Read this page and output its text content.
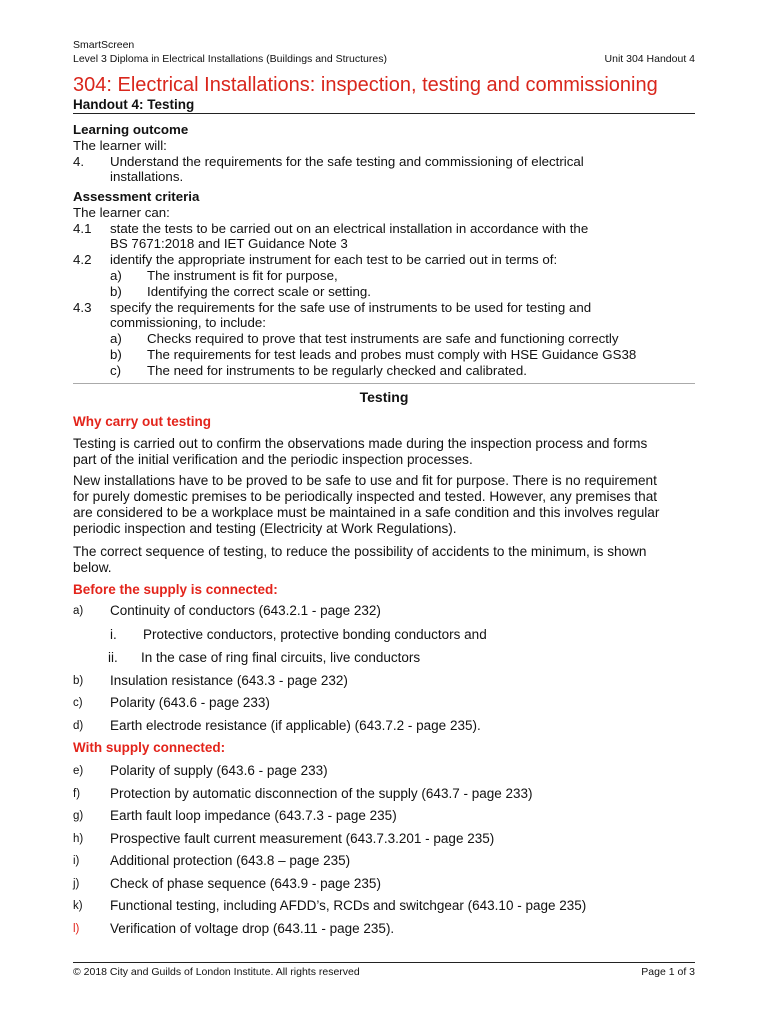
SmartScreen
Level 3 Diploma in Electrical Installations (Buildings and Structures)	Unit 304 Handout 4
304: Electrical Installations: inspection, testing and commissioning
Handout 4: Testing
Learning outcome
The learner will:
4.	Understand the requirements for the safe testing and commissioning of electrical
installations.
Assessment criteria
The learner can:
4.1	state the tests to be carried out on an electrical installation in accordance with the
BS 7671:2018 and IET Guidance Note 3
4.2	identify the appropriate instrument for each test to be carried out in terms of:
a)	The instrument is fit for purpose,
b)	Identifying the correct scale or setting.
4.3	specify the requirements for the safe use of instruments to be used for testing and
commissioning, to include:
a)	Checks required to prove that test instruments are safe and functioning correctly
b)	The requirements for test leads and probes must comply with HSE Guidance GS38
c)	The need for instruments to be regularly checked and calibrated.
Testing
Why carry out testing
Testing is carried out to confirm the observations made during the inspection process and forms
part of the initial verification and the periodic inspection processes.
New installations have to be proved to be safe to use and fit for purpose. There is no requirement
for purely domestic premises to be periodically inspected and tested. However, any premises that
are considered to be a workplace must be maintained in a safe condition and this involves regular
periodic inspection and testing (Electricity at Work Regulations).
The correct sequence of testing, to reduce the possibility of accidents to the minimum, is shown
below.
Before the supply is connected:
a)	Continuity of conductors (643.2.1 - page 232)
i.	Protective conductors, protective bonding conductors and
ii.	In the case of ring final circuits, live conductors
b)	Insulation resistance (643.3 - page 232)
c)	Polarity (643.6 - page 233)
d)	Earth electrode resistance (if applicable) (643.7.2 - page 235).
With supply connected:
e)	Polarity of supply (643.6 - page 233)
f)	Protection by automatic disconnection of the supply (643.7 - page 233)
g)	Earth fault loop impedance (643.7.3 - page 235)
h)	Prospective fault current measurement (643.7.3.201 - page 235)
i)	Additional protection (643.8 – page 235)
j)	Check of phase sequence (643.9 - page 235)
k)	Functional testing, including AFDD’s, RCDs and switchgear (643.10 - page 235)
l)	Verification of voltage drop (643.11 - page 235).
© 2018 City and Guilds of London Institute. All rights reserved	Page 1 of 3
